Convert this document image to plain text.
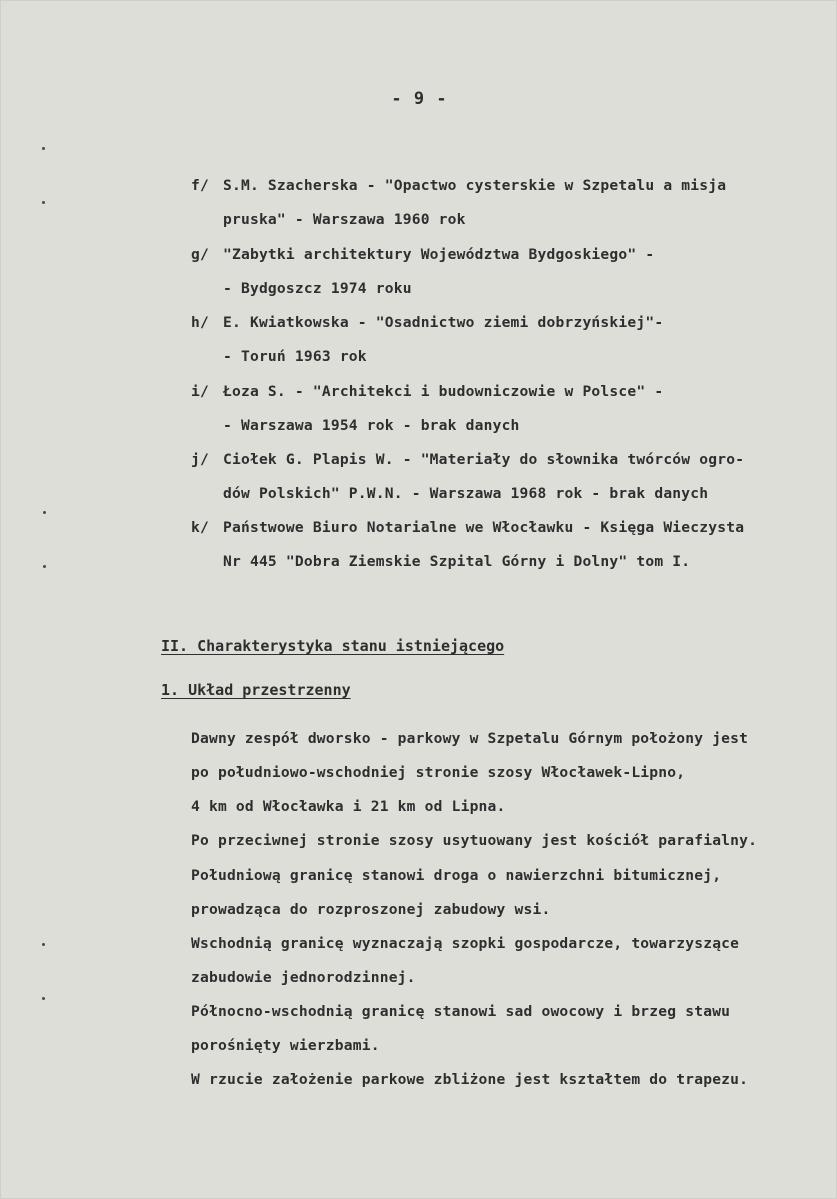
- 9 -
f/ S.M. Szacherska - "Opactwo cysterskie w Szpetalu a misja
pruska" - Warszawa 1960 rok
g/ "Zabytki architektury Województwa Bydgoskiego" -
- Bydgoszcz 1974 roku
h/ E. Kwiatkowska - "Osadnictwo ziemi dobrzyńskiej"-
- Toruń 1963 rok
i/ Łoza S. - "Architekci i budowniczowie w Polsce" -
- Warszawa 1954 rok - brak danych
j/ Ciołek G. Plapis W. - "Materiały do słownika twórców ogro-
dów Polskich" P.W.N. - Warszawa 1968 rok - brak danych
k/ Państwowe Biuro Notarialne we Włocławku - Księga Wieczysta
Nr 445 "Dobra Ziemskie Szpital Górny i Dolny" tom I.
II. Charakterystyka stanu istniejącego
1. Układ przestrzenny
Dawny zespół dworsko - parkowy w Szpetalu Górnym położony jest
po południowo-wschodniej stronie szosy Włocławek-Lipno,
4 km od Włocławka i 21 km od Lipna.
Po przeciwnej stronie szosy usytuowany jest kościół parafialny.
Południową granicę stanowi droga o nawierzchni bitumicznej,
prowadząca do rozproszonej zabudowy wsi.
Wschodnią granicę wyznaczają szopki gospodarcze, towarzyszące
zabudowie jednorodzinnej.
Północno-wschodnią granicę stanowi sad owocowy i brzeg stawu
porośnięty wierzbami.
W rzucie założenie parkowe zbliżone jest kształtem do trapezu.
